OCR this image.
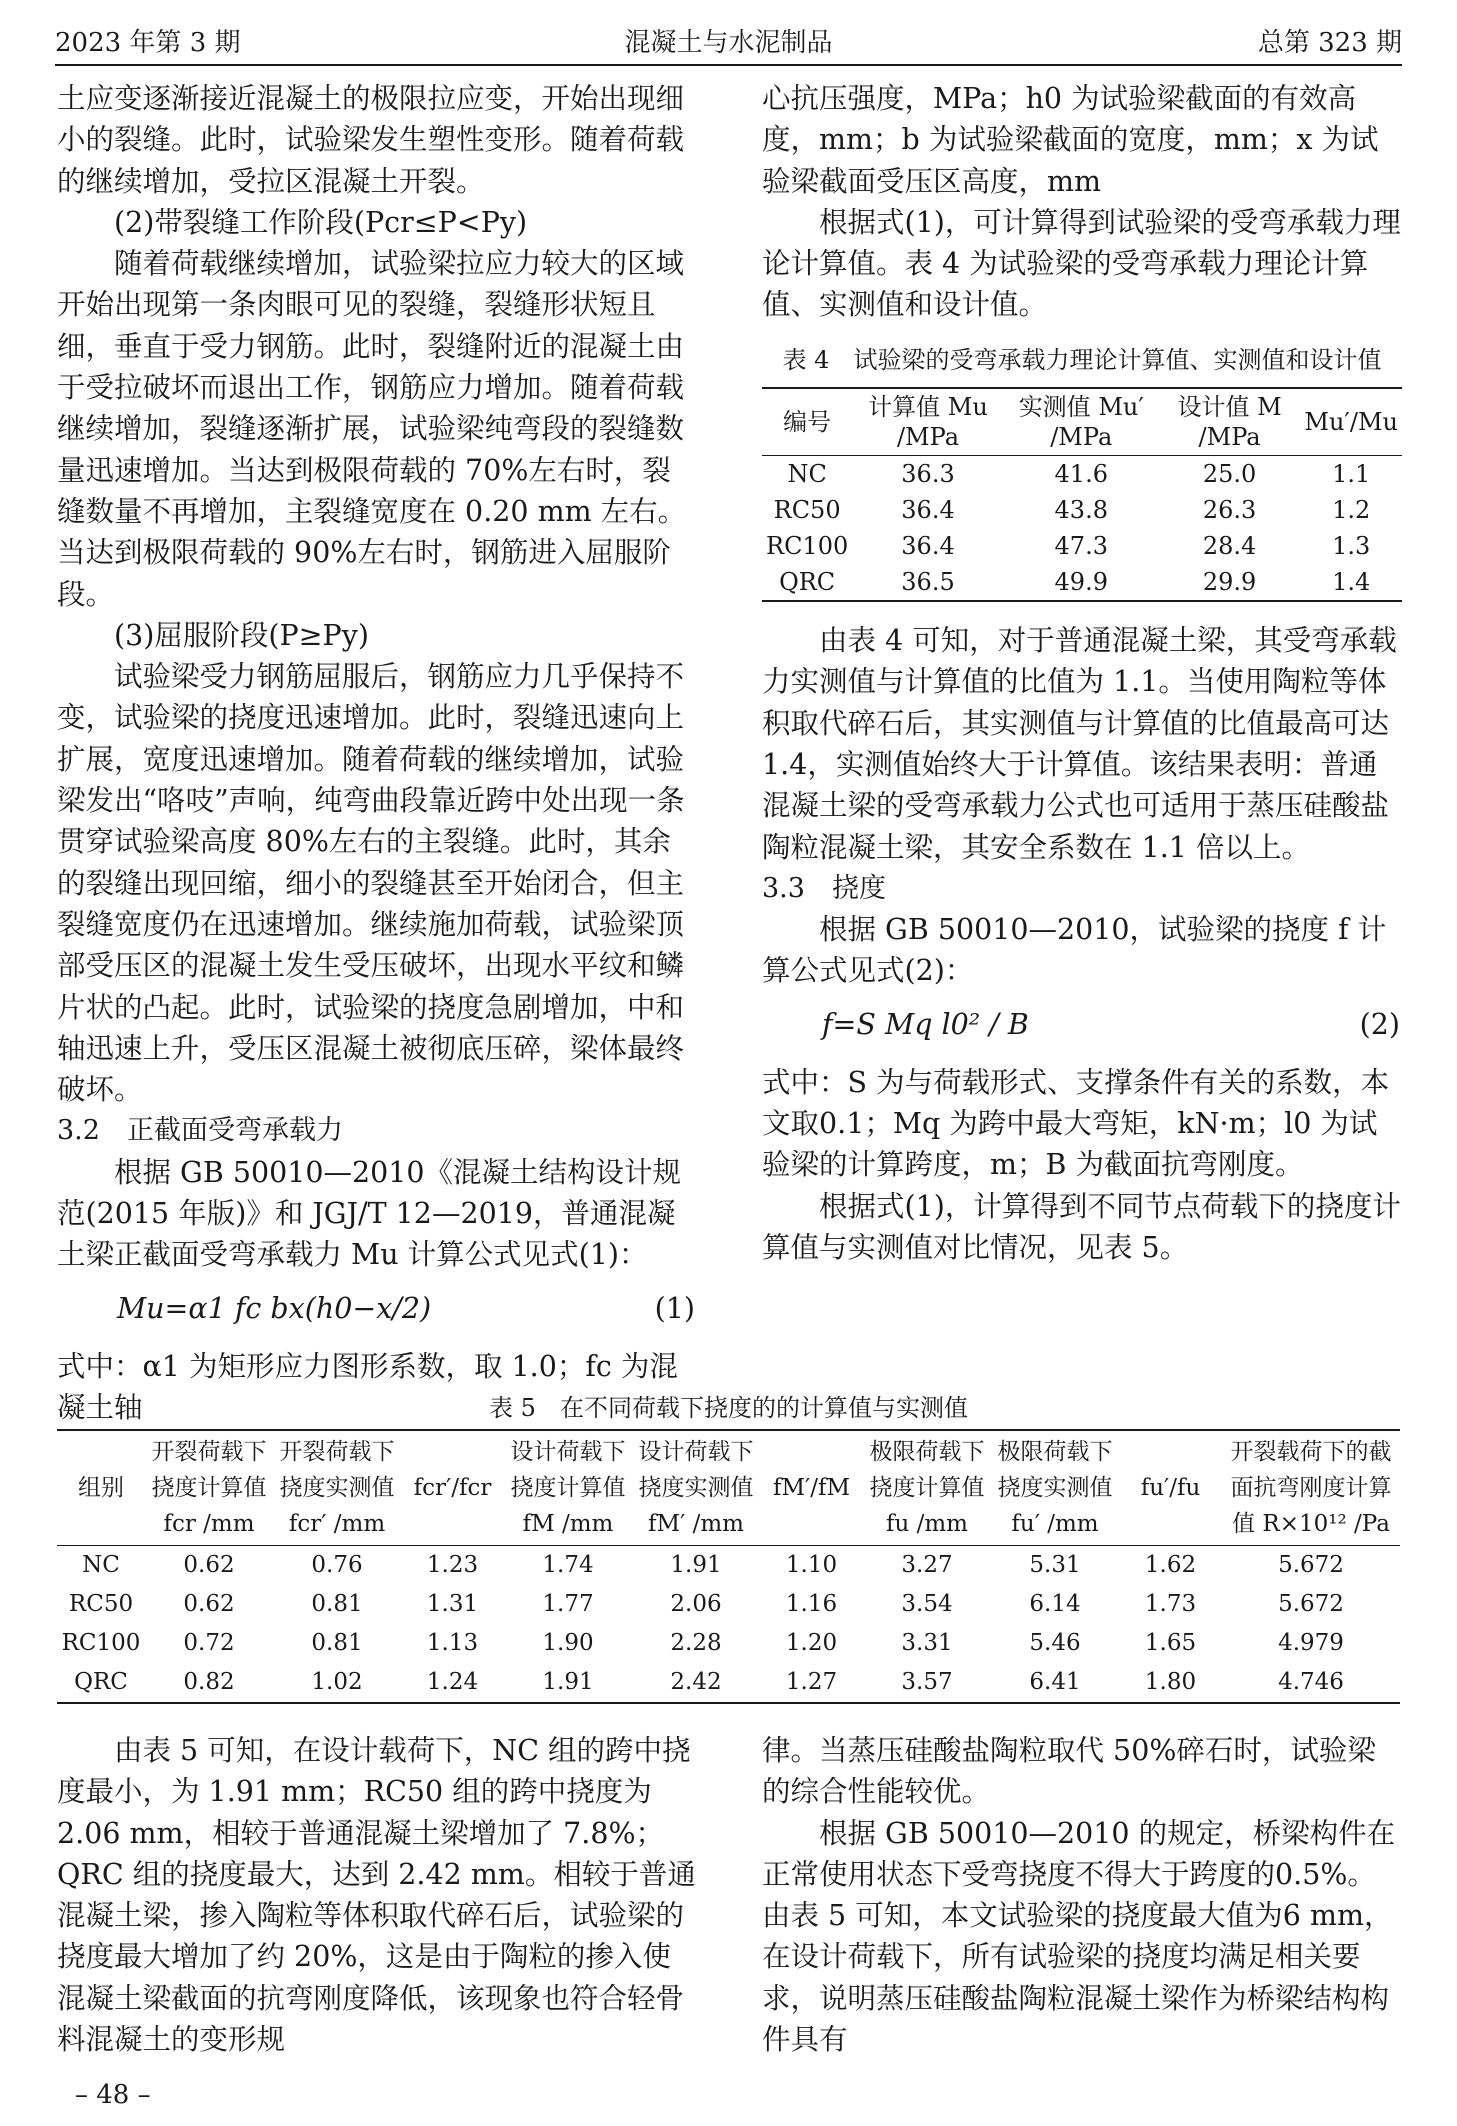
2023 年第 3 期	混凝土与水泥制品	总第 323 期

土应变逐渐接近混凝土的极限拉应变，开始出现细小的裂缝。此时，试验梁发生塑性变形。随着荷载的继续增加，受拉区混凝土开裂。

(2)带裂缝工作阶段(Pcr≤P<Py)

随着荷载继续增加，试验梁拉应力较大的区域开始出现第一条肉眼可见的裂缝，裂缝形状短且细，垂直于受力钢筋。此时，裂缝附近的混凝土由于受拉破坏而退出工作，钢筋应力增加。随着荷载继续增加，裂缝逐渐扩展，试验梁纯弯段的裂缝数量迅速增加。当达到极限荷载的 70%左右时，裂缝数量不再增加，主裂缝宽度在 0.20 mm 左右。当达到极限荷载的 90%左右时，钢筋进入屈服阶段。

(3)屈服阶段(P≥Py)

试验梁受力钢筋屈服后，钢筋应力几乎保持不变，试验梁的挠度迅速增加。此时，裂缝迅速向上扩展，宽度迅速增加。随着荷载的继续增加，试验梁发出“咯吱”声响，纯弯曲段靠近跨中处出现一条贯穿试验梁高度 80%左右的主裂缝。此时，其余的裂缝出现回缩，细小的裂缝甚至开始闭合，但主裂缝宽度仍在迅速增加。继续施加荷载，试验梁顶部受压区的混凝土发生受压破坏，出现水平纹和鳞片状的凸起。此时，试验梁的挠度急剧增加，中和轴迅速上升，受压区混凝土被彻底压碎，梁体最终破坏。

3.2　正截面受弯承载力

根据 GB 50010—2010《混凝土结构设计规范(2015 年版)》和 JGJ/T 12—2019，普通混凝土梁正截面受弯承载力 Mu 计算公式见式(1)：

Mu=α1 fc bx(h0−x/2)	(1)

式中：α1 为矩形应力图形系数，取 1.0；fc 为混凝土轴

心抗压强度，MPa；h0 为试验梁截面的有效高度，mm；b 为试验梁截面的宽度，mm；x 为试验梁截面受压区高度，mm

根据式(1)，可计算得到试验梁的受弯承载力理论计算值。表 4 为试验梁的受弯承载力理论计算值、实测值和设计值。

表 4　试验梁的受弯承载力理论计算值、实测值和设计值
编号	计算值 Mu /MPa	实测值 Mu′ /MPa	设计值 M /MPa	Mu′/Mu
NC	36.3	41.6	25.0	1.1
RC50	36.4	43.8	26.3	1.2
RC100	36.4	47.3	28.4	1.3
QRC	36.5	49.9	29.9	1.4

由表 4 可知，对于普通混凝土梁，其受弯承载力实测值与计算值的比值为 1.1。当使用陶粒等体积取代碎石后，其实测值与计算值的比值最高可达 1.4，实测值始终大于计算值。该结果表明：普通混凝土梁的受弯承载力公式也可适用于蒸压硅酸盐陶粒混凝土梁，其安全系数在 1.1 倍以上。

3.3　挠度

根据 GB 50010—2010，试验梁的挠度 f 计算公式见式(2)：

f=S Mq l0² / B	(2)

式中：S 为与荷载形式、支撑条件有关的系数，本文取0.1；Mq 为跨中最大弯矩，kN·m；l0 为试验梁的计算跨度，m；B 为截面抗弯刚度。

根据式(1)，计算得到不同节点荷载下的挠度计算值与实测值对比情况，见表 5。

表 5　在不同荷载下挠度的的计算值与实测值
组别	开裂荷载下挠度计算值 fcr /mm	开裂荷载下挠度实测值 fcr′ /mm	fcr′/fcr	设计荷载下挠度计算值 fM /mm	设计荷载下挠度实测值 fM′ /mm	fM′/fM	极限荷载下挠度计算值 fu /mm	极限荷载下挠度实测值 fu′ /mm	fu′/fu	开裂载荷下的截面抗弯刚度计算值 R×10¹² /Pa
NC	0.62	0.76	1.23	1.74	1.91	1.10	3.27	5.31	1.62	5.672
RC50	0.62	0.81	1.31	1.77	2.06	1.16	3.54	6.14	1.73	5.672
RC100	0.72	0.81	1.13	1.90	2.28	1.20	3.31	5.46	1.65	4.979
QRC	0.82	1.02	1.24	1.91	2.42	1.27	3.57	6.41	1.80	4.746

由表 5 可知，在设计载荷下，NC 组的跨中挠度最小，为 1.91 mm；RC50 组的跨中挠度为2.06 mm，相较于普通混凝土梁增加了 7.8%；QRC 组的挠度最大，达到 2.42 mm。相较于普通混凝土梁，掺入陶粒等体积取代碎石后，试验梁的挠度最大增加了约 20%，这是由于陶粒的掺入使混凝土梁截面的抗弯刚度降低，该现象也符合轻骨料混凝土的变形规

律。当蒸压硅酸盐陶粒取代 50%碎石时，试验梁的综合性能较优。

根据 GB 50010—2010 的规定，桥梁构件在正常使用状态下受弯挠度不得大于跨度的0.5%。由表 5 可知，本文试验梁的挠度最大值为6 mm，在设计荷载下，所有试验梁的挠度均满足相关要求，说明蒸压硅酸盐陶粒混凝土梁作为桥梁结构构件具有

– 48 –
